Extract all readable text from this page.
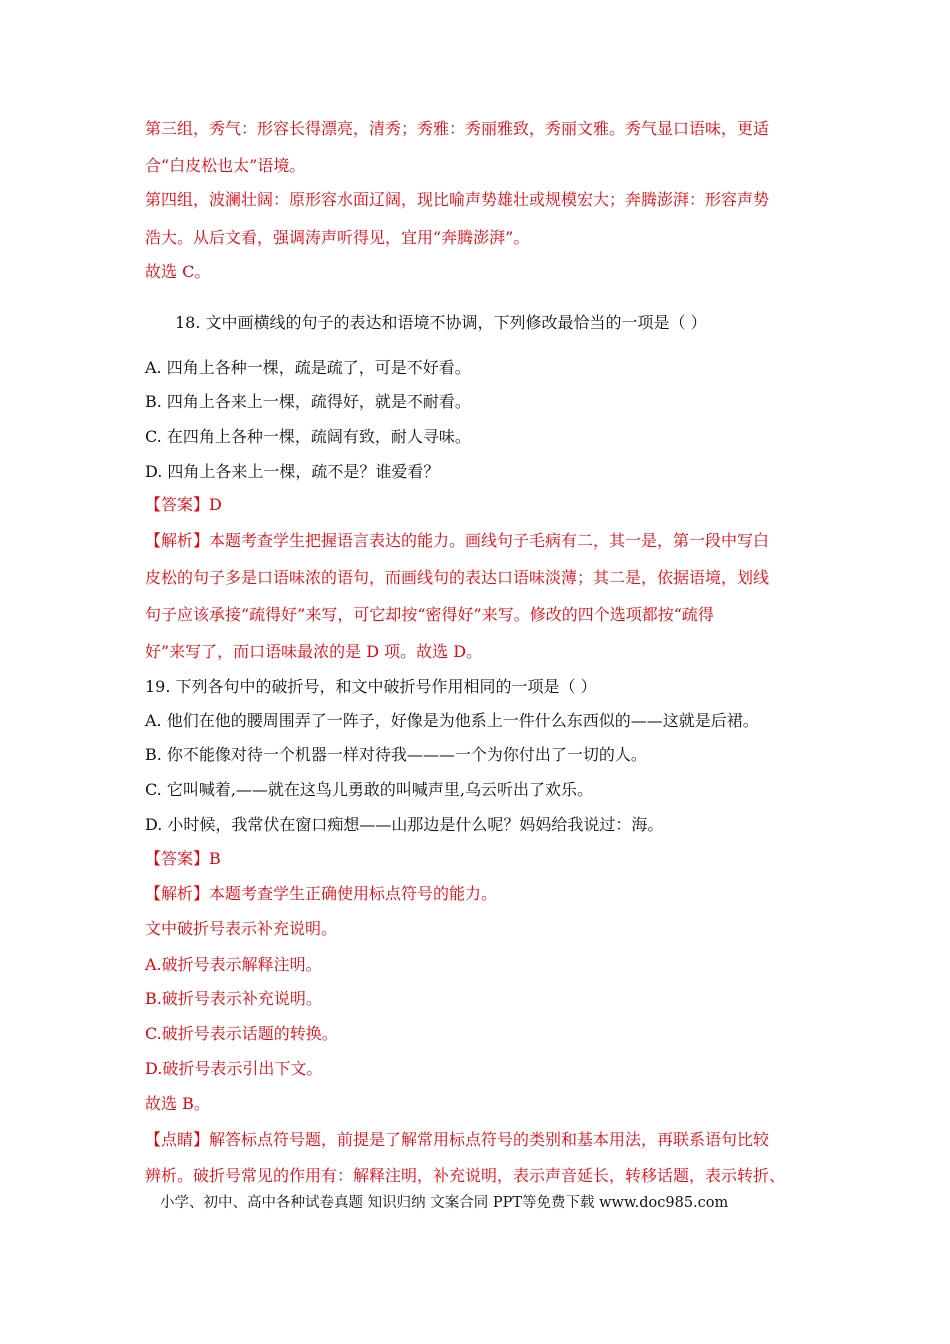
第三组，秀气：形容长得漂亮，清秀；秀雅：秀丽雅致，秀丽文雅。秀气显口语味，更适
合“白皮松也太”语境。
第四组，波澜壮阔：原形容水面辽阔，现比喻声势雄壮或规模宏大；奔腾澎湃：形容声势
浩大。从后文看，强调涛声听得见，宜用“奔腾澎湃”。
故选 C。
18. 文中画横线的句子的表达和语境不协调，下列修改最恰当的一项是（ ）
A. 四角上各种一棵，疏是疏了，可是不好看。
B. 四角上各来上一棵，疏得好，就是不耐看。
C. 在四角上各种一棵，疏阔有致，耐人寻味。
D. 四角上各来上一棵，疏不是？谁爱看？
【答案】D
【解析】本题考查学生把握语言表达的能力。画线句子毛病有二，其一是，第一段中写白
皮松的句子多是口语味浓的语句，而画线句的表达口语味淡薄；其二是，依据语境，划线
句子应该承接“疏得好”来写，可它却按“密得好”来写。修改的四个选项都按“疏得
好”来写了，而口语味最浓的是 D 项。故选 D。
19. 下列各句中的破折号，和文中破折号作用相同的一项是（ ）
A. 他们在他的腰周围弄了一阵子，好像是为他系上一件什么东西似的——这就是后裙。
B. 你不能像对待一个机器一样对待我———一个为你付出了一切的人。
C. 它叫喊着,——就在这鸟儿勇敢的叫喊声里,乌云听出了欢乐。
D. 小时候，我常伏在窗口痴想——山那边是什么呢？妈妈给我说过：海。
【答案】B
【解析】本题考查学生正确使用标点符号的能力。
文中破折号表示补充说明。
A.破折号表示解释注明。
B.破折号表示补充说明。
C.破折号表示话题的转换。
D.破折号表示引出下文。
故选 B。
【点睛】解答标点符号题，前提是了解常用标点符号的类别和基本用法，再联系语句比较
辨析。破折号常见的作用有：解释注明，补充说明，表示声音延长，转移话题，表示转折、
小学、初中、高中各种试卷真题 知识归纳 文案合同 PPT等免费下载 www.doc985.com
